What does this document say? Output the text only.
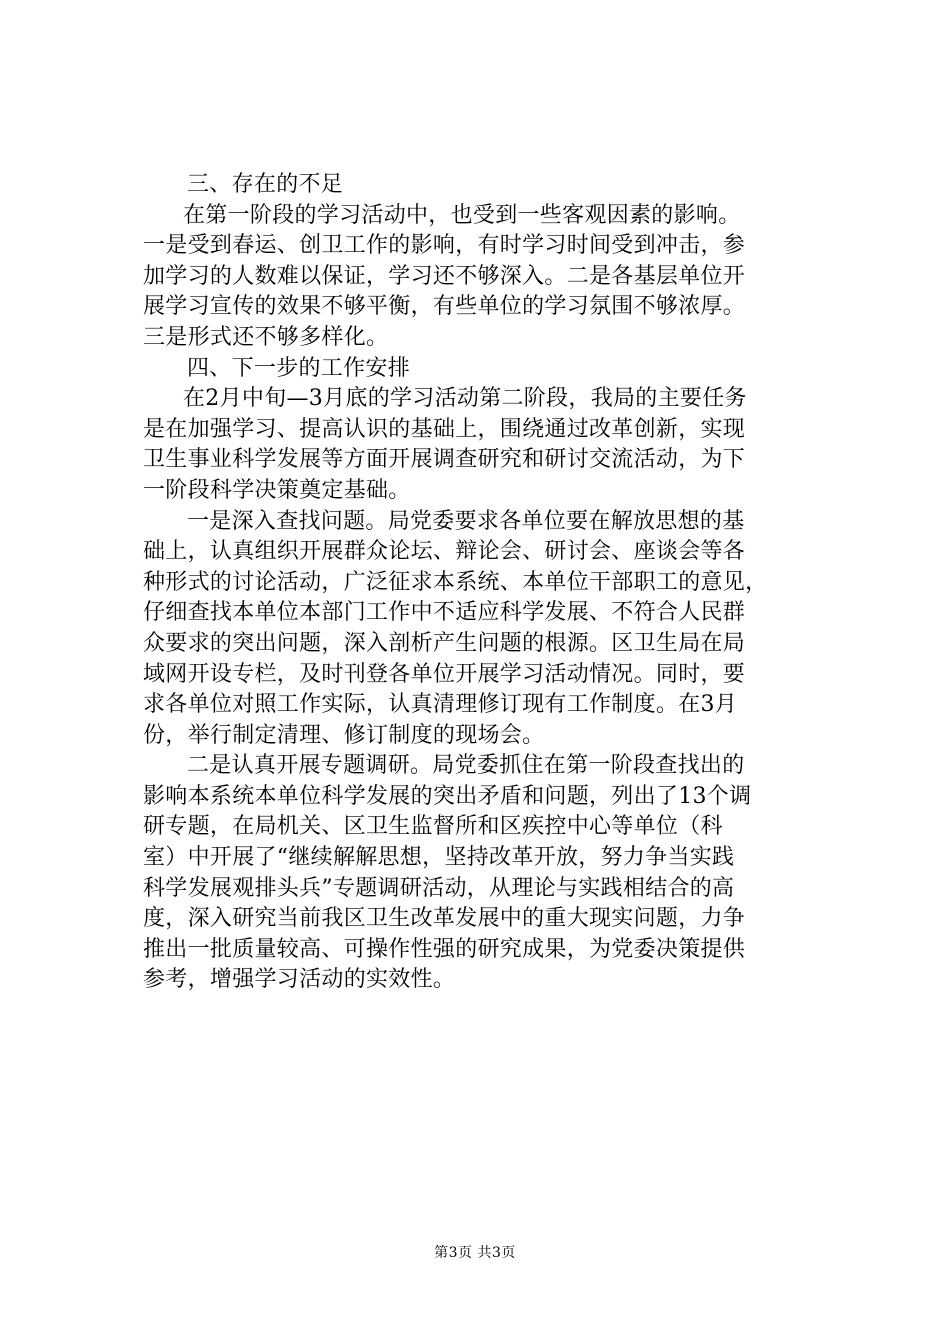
三、存在的不足
在第一阶段的学习活动中，也受到一些客观因素的影响。
一是受到春运、创卫工作的影响，有时学习时间受到冲击，参
加学习的人数难以保证，学习还不够深入。二是各基层单位开
展学习宣传的效果不够平衡，有些单位的学习氛围不够浓厚。
三是形式还不够多样化。
四、下一步的工作安排
在2月中旬—3月底的学习活动第二阶段，我局的主要任务
是在加强学习、提高认识的基础上，围绕通过改革创新，实现
卫生事业科学发展等方面开展调查研究和研讨交流活动，为下
一阶段科学决策奠定基础。
一是深入查找问题。局党委要求各单位要在解放思想的基
础上，认真组织开展群众论坛、辩论会、研讨会、座谈会等各
种形式的讨论活动，广泛征求本系统、本单位干部职工的意见，
仔细查找本单位本部门工作中不适应科学发展、不符合人民群
众要求的突出问题，深入剖析产生问题的根源。区卫生局在局
域网开设专栏，及时刊登各单位开展学习活动情况。同时，要
求各单位对照工作实际，认真清理修订现有工作制度。在3月
份，举行制定清理、修订制度的现场会。
二是认真开展专题调研。局党委抓住在第一阶段查找出的
影响本系统本单位科学发展的突出矛盾和问题，列出了13个调
研专题，在局机关、区卫生监督所和区疾控中心等单位（科
室）中开展了“继续解解思想，坚持改革开放，努力争当实践
科学发展观排头兵”专题调研活动，从理论与实践相结合的高
度，深入研究当前我区卫生改革发展中的重大现实问题，力争
推出一批质量较高、可操作性强的研究成果，为党委决策提供
参考，增强学习活动的实效性。
第3页 共3页
